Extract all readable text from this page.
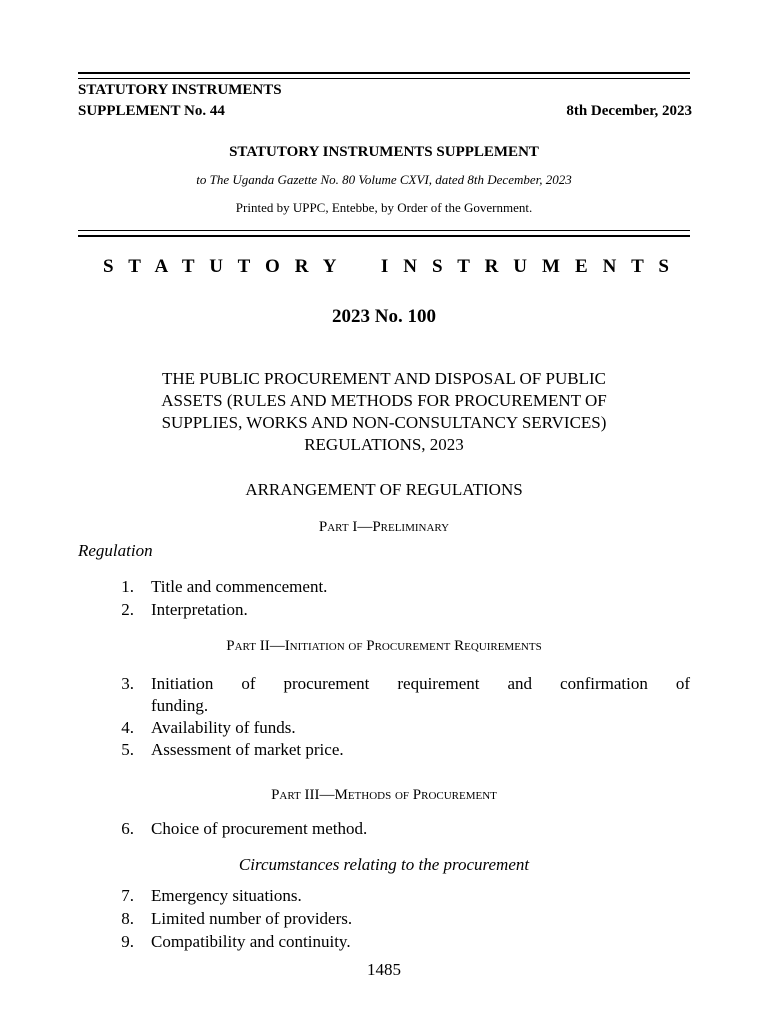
STATUTORY INSTRUMENTS
SUPPLEMENT No. 44	8th December, 2023
STATUTORY INSTRUMENTS SUPPLEMENT
to The Uganda Gazette No. 80 Volume CXVI, dated 8th December, 2023
Printed by UPPC, Entebbe, by Order of the Government.
S T A T U T O R Y   I N S T R U M E N T S
2023 No. 100
THE PUBLIC PROCUREMENT AND DISPOSAL OF PUBLIC
ASSETS (RULES AND METHODS FOR PROCUREMENT OF
SUPPLIES, WORKS AND NON-CONSULTANCY SERVICES)
REGULATIONS, 2023
ARRANGEMENT OF REGULATIONS
Part I—Preliminary
Regulation
1. Title and commencement.
2. Interpretation.
Part II—Initiation of Procurement Requirements
3. Initiation of procurement requirement and confirmation of
funding.
4. Availability of funds.
5. Assessment of market price.
Part III—Methods of Procurement
6. Choice of procurement method.
Circumstances relating to the procurement
7. Emergency situations.
8. Limited number of providers.
9. Compatibility and continuity.
1485
